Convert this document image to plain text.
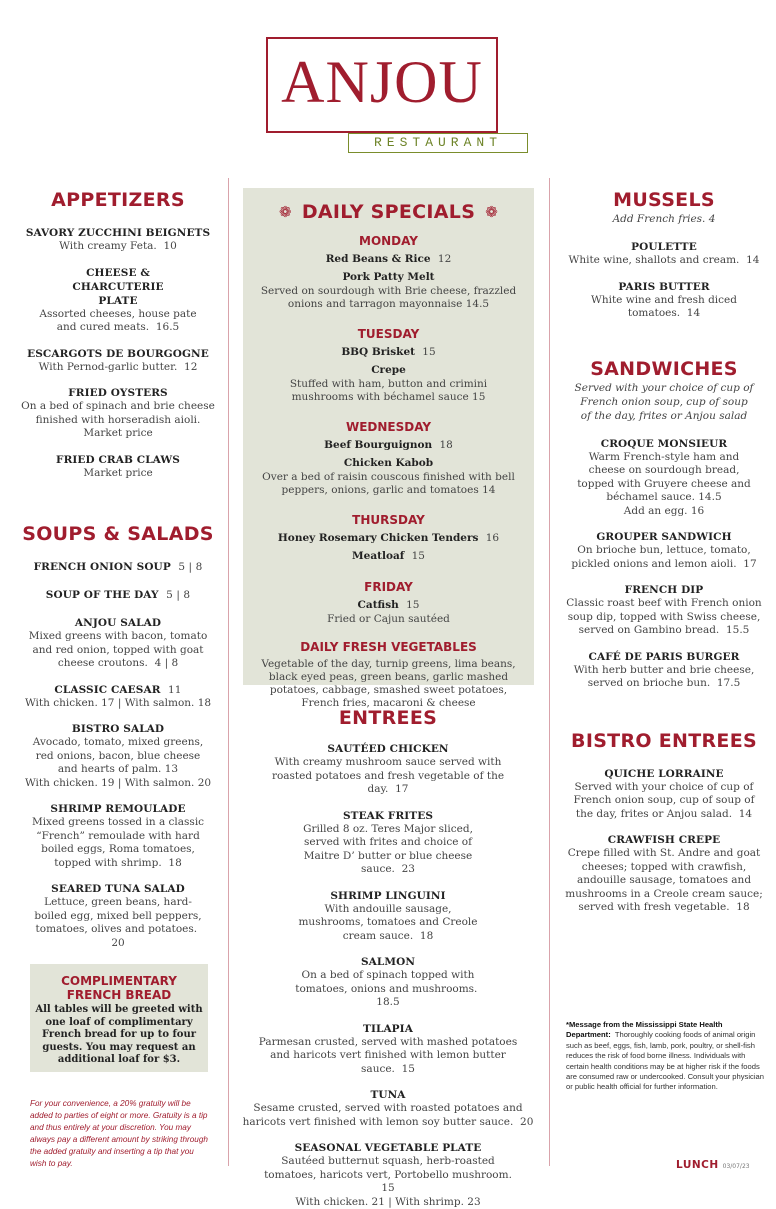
ANJOU
RESTAURANT
APPETIZERS
SAVORY ZUCCHINI BEIGNETS
With creamy Feta. 10
CHEESE & CHARCUTERIE PLATE
Assorted cheeses, house pate and cured meats. 16.5
ESCARGOTS DE BOURGOGNE
With Pernod-garlic butter. 12
FRIED OYSTERS
On a bed of spinach and brie cheese finished with horseradish aioli.
Market price
FRIED CRAB CLAWS
Market price
SOUPS & SALADS
FRENCH ONION SOUP 5 | 8
SOUP OF THE DAY 5 | 8
ANJOU SALAD
Mixed greens with bacon, tomato and red onion, topped with goat cheese croutons. 4 | 8
CLASSIC CAESAR 11
With chicken. 17 | With salmon. 18
BISTRO SALAD
Avocado, tomato, mixed greens, red onions, bacon, blue cheese and hearts of palm. 13
With chicken. 19 | With salmon. 20
SHRIMP REMOULADE
Mixed greens tossed in a classic “French” remoulade with hard boiled eggs, Roma tomatoes, topped with shrimp. 18
SEARED TUNA SALAD
Lettuce, green beans, hard-boiled egg, mixed bell peppers, tomatoes, olives and potatoes.  20
COMPLIMENTARY
FRENCH BREAD
All tables will be greeted with one loaf of complimentary French bread for up to four guests. You may request an additional loaf for $3.
For your convenience, a 20% gratuity will be added to parties of eight or more. Gratuity is a tip and thus entirely at your discretion. You may always pay a different amount by striking through the added gratuity and inserting a tip that you wish to pay.
❁ DAILY SPECIALS ❁
MONDAY
Red Beans & Rice 12
Pork Patty Melt
Served on sourdough with Brie cheese, frazzled onions and tarragon mayonnaise 14.5
TUESDAY
BBQ Brisket 15
Crepe
Stuffed with ham, button and crimini mushrooms with béchamel sauce 15
WEDNESDAY
Beef Bourguignon 18
Chicken Kabob
Over a bed of raisin couscous finished with bell peppers, onions, garlic and tomatoes 14
THURSDAY
Honey Rosemary Chicken Tenders 16
Meatloaf 15
FRIDAY
Catfish 15
Fried or Cajun sautéed
DAILY FRESH VEGETABLES
Vegetable of the day, turnip greens, lima beans, black eyed peas, green beans, garlic mashed potatoes, cabbage, smashed sweet potatoes, French fries, macaroni & cheese
ENTREES
SAUTÉED CHICKEN
With creamy mushroom sauce served with roasted potatoes and fresh vegetable of the day. 17
STEAK FRITES
Grilled 8 oz. Teres Major sliced, served with frites and choice of Maitre D’ butter or blue cheese sauce. 23
SHRIMP LINGUINI
With andouille sausage, mushrooms, tomatoes and Creole cream sauce. 18
SALMON
On a bed of spinach topped with tomatoes, onions and mushrooms.  18.5
TILAPIA
Parmesan crusted, served with mashed potatoes and haricots vert finished with lemon butter sauce. 15
TUNA
Sesame crusted, served with roasted potatoes and haricots vert finished with lemon soy butter sauce. 20
SEASONAL VEGETABLE PLATE
Sautéed butternut squash, herb-roasted tomatoes, haricots vert, Portobello mushroom. 15
With chicken. 21 | With shrimp. 23
MUSSELS
Add French fries. 4
POULETTE
White wine, shallots and cream. 14
PARIS BUTTER
White wine and fresh diced tomatoes. 14
SANDWICHES
Served with your choice of cup of French onion soup, cup of soup of the day, frites or Anjou salad
CROQUE MONSIEUR
Warm French-style ham and cheese on sourdough bread, topped with Gruyere cheese and béchamel sauce. 14.5
Add an egg. 16
GROUPER SANDWICH
On brioche bun, lettuce, tomato, pickled onions and lemon aioli. 17
FRENCH DIP
Classic roast beef with French onion soup dip, topped with Swiss cheese, served on Gambino bread. 15.5
CAFÉ DE PARIS BURGER
With herb butter and brie cheese, served on brioche bun. 17.5
BISTRO ENTREES
QUICHE LORRAINE
Served with your choice of cup of French onion soup, cup of soup of the day, frites or Anjou salad. 14
CRAWFISH CREPE
Crepe filled with St. Andre and goat cheeses; topped with crawfish, andouille sausage, tomatoes and mushrooms in a Creole cream sauce; served with fresh vegetable. 18
*Message from the Mississippi State Health Department: Thoroughly cooking foods of animal origin such as beef, eggs, fish, lamb, pork, poultry, or shell-fish reduces the risk of food borne illness. Individuals with certain health conditions may be at higher risk if the foods are consumed raw or undercooked. Consult your physician or public health official for further information.
LUNCH 03/07/23
